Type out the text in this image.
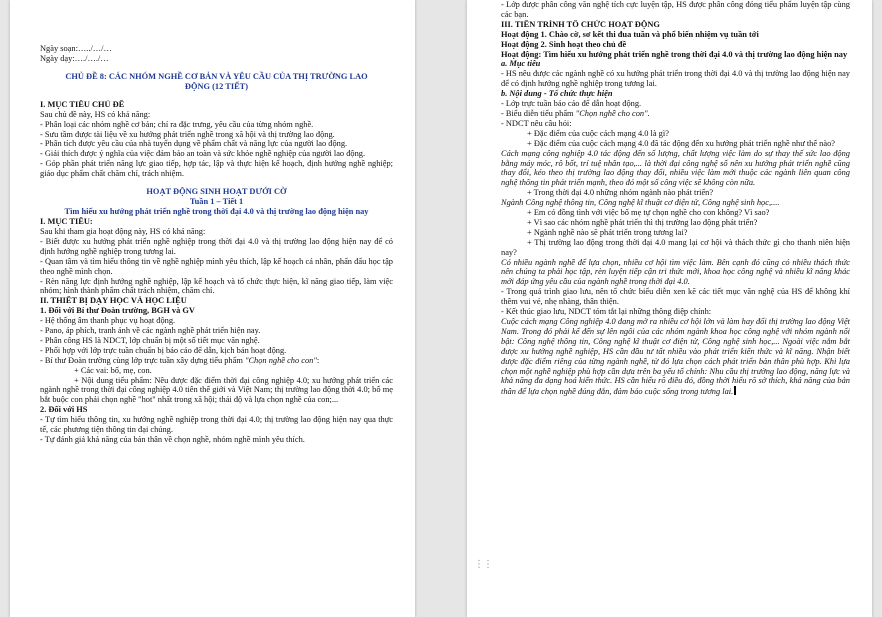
Ngày soạn:…../…/…
Ngày dạy:…./…./…
CHỦ ĐỀ 8: CÁC NHÓM NGHỀ CƠ BẢN VÀ YÊU CẦU CỦA THỊ TRƯỜNG LAO
ĐỘNG (12 TIẾT)
I. MỤC TIÊU CHỦ ĐỀ
Sau chủ đề này, HS có khả năng:
- Phân loại các nhóm nghề cơ bản; chỉ ra đặc trưng, yêu cầu của từng nhóm nghề.
- Sưu tầm được tài liệu về xu hướng phát triển nghề trong xã hội và thị trường lao động.
- Phân tích được yêu cầu của nhà tuyển dụng về phẩm chất và năng lực của người lao động.
- Giải thích được ý nghĩa của việc đảm bảo an toàn và sức khỏe nghề nghiệp của người lao động.
- Góp phần phát triển năng lực giao tiếp, hợp tác, lập và thực hiện kế hoạch, định hướng nghề nghiệp; giáo dục phẩm chất chăm chỉ, trách nhiệm.
HOẠT ĐỘNG SINH HOẠT DƯỚI CỜ
Tuần 1 – Tiết 1
Tìm hiểu xu hướng phát triển nghề trong thời đại 4.0 và thị trường lao động hiện nay
I. MỤC TIÊU:
Sau khi tham gia hoạt động này, HS có khả năng:
- Biết được xu hướng phát triển nghề nghiệp trong thời đại 4.0 và thị trường lao động hiện nay để có định hướng nghề nghiệp trong tương lai.
- Quan tâm và tìm hiểu thông tin về nghề nghiệp mình yêu thích, lập kế hoạch cá nhân, phấn đấu học tập theo nghề mình chọn.
- Rèn năng lực định hướng nghề nghiệp, lập kế hoạch và tổ chức thực hiện, kĩ năng giao tiếp, làm việc nhóm; hình thành phẩm chất trách nhiệm, chăm chỉ.
II. THIẾT BỊ DẠY HỌC VÀ HỌC LIỆU
1. Đối với Bí thư Đoàn trường, BGH và GV
- Hệ thống âm thanh phục vụ hoạt động.
- Pano, áp phích, tranh ảnh về các ngành nghề phát triển hiện nay.
- Phân công HS là NDCT, lớp chuẩn bị một số tiết mục văn nghệ.
- Phối hợp với lớp trực tuần chuẩn bị báo cáo để dẫn, kịch bản hoạt động.
- Bí thư Đoàn trường cùng lớp trực tuần xây dựng tiểu phẩm "Chọn nghề cho con":
+ Các vai: bố, mẹ, con.
+ Nội dung tiểu phẩm: Nêu được đặc điểm thời đại công nghiệp 4.0; xu hướng phát triển các ngành nghề trong thời đại công nghiệp 4.0 tiên thế giới và Việt Nam; thị trường lao động thời 4.0; bố mẹ bắt buộc con phải chọn nghề "hot" nhất trong xã hội; thái độ và lựa chọn nghề của con;...
2. Đối với HS
- Tự tìm hiểu thông tin, xu hướng nghề nghiệp trong thời đại 4.0; thị trường lao động hiện nay qua thực tế, các phương tiện thông tin đại chúng.
- Tự đánh giá khả năng của bản thân về chọn nghề, nhóm nghề mình yêu thích.
- Lớp được phân công văn nghệ tích cực luyện tập, HS được phân công đóng tiểu phẩm luyện tập cùng các bạn.
III. TIẾN TRÌNH TỔ CHỨC HOẠT ĐỘNG
Hoạt động 1. Chào cờ, sơ kết thi đua tuần và phổ biến nhiệm vụ tuần tới
Hoạt động 2. Sinh hoạt theo chủ đề
Hoạt động: Tìm hiểu xu hướng phát triển nghề trong thời đại 4.0 và thị trường lao động hiện nay
a. Mục tiêu
- HS nêu được các ngành nghề có xu hướng phát triển trong thời đại 4.0 và thị trường lao động hiện nay để có định hướng nghề nghiệp trong tương lai.
b. Nội dung - Tổ chức thực hiện
- Lớp trực tuần báo cáo để dẫn hoạt động.
- Biểu diễn tiểu phẩm "Chọn nghề cho con".
- NDCT nêu câu hỏi:
+ Đặc điểm của cuộc cách mạng 4.0 là gì?
+ Đặc điểm của cuộc cách mạng 4.0 đã tác động đến xu hướng phát triển nghề như thế nào?
Cách mạng công nghiệp 4.0 tác động đến số lượng, chất lượng việc làm do sự thay thế sức lao động bằng máy móc, rô bốt, trí tuệ nhân tạo,... là thời đại công nghệ số nên xu hướng phát triển nghề cũng thay đổi, kéo theo thị trường lao động thay đổi, nhiều việc làm mới thuộc các ngành liên quan công nghệ thông tin phát triển mạnh, theo đó một số công việc sẽ không còn nữa.
+ Trong thời đại 4.0 những nhóm ngành nào phát triển?
Ngành Công nghệ thông tin, Công nghệ kĩ thuật cơ điện tử, Công nghệ sinh học,....
+ Em có đồng tình với việc bố mẹ tự chọn nghề cho con không? Vì sao?
+ Vì sao các nhóm nghề phát triển thì thị trường lao động phát triển?
+ Ngành nghề nào sẽ phát triển trong tương lai?
+ Thị trường lao động trong thời đại 4.0 mang lại cơ hội và thách thức gì cho thanh niên hiện nay?
Có nhiều ngành nghề để lựa chọn, nhiều cơ hội tìm việc làm. Bên cạnh đó cũng có nhiều thách thức nên chúng ta phải học tập, rèn luyện tiếp cận tri thức mới, khoa học công nghệ và nhiều kĩ năng khác mới đáp ứng yêu cầu của ngành nghề trong thời đại 4.0.
- Trong quá trình giao lưu, nên tổ chức biểu diễn xen kẽ các tiết mục văn nghệ của HS để không khí thêm vui vẻ, nhẹ nhàng, thân thiện.
- Kết thúc giao lưu, NDCT tóm tắt lại những thông điệp chính:
Cuộc cách mạng Công nghiệp 4.0 đang mở ra nhiều cơ hội lớn và làm hay đổi thị trường lao động Việt Nam. Trong đó phải kể đến sự lên ngôi của các nhóm ngành khoa học công nghệ với nhóm ngành nổi bật: Công nghệ thông tin, Công nghệ kĩ thuật cơ điện tử, Công nghệ sinh học,... Ngoài việc nắm bắt được xu hướng nghề nghiệp, HS cần đầu tư tất nhiều vào phát triển kiến thức và kĩ năng. Nhận biết được đặc điểm riêng của từng ngành nghề, từ đó lựa chọn cách phát triển bản thân phù hợp. Khi lựa chọn một nghề nghiệp phù hợp cần dựa trên ba yếu tố chính: Nhu cầu thị trường lao động, năng lực và khả năng đa dạng hoá kiến thức. HS cần hiểu rõ điều đó, đồng thời hiểu rõ sở thích, khả năng của bản thân để lựa chọn nghề đúng đắn, đảm bảo cuộc sống trong tương lai.
⋮⋮
